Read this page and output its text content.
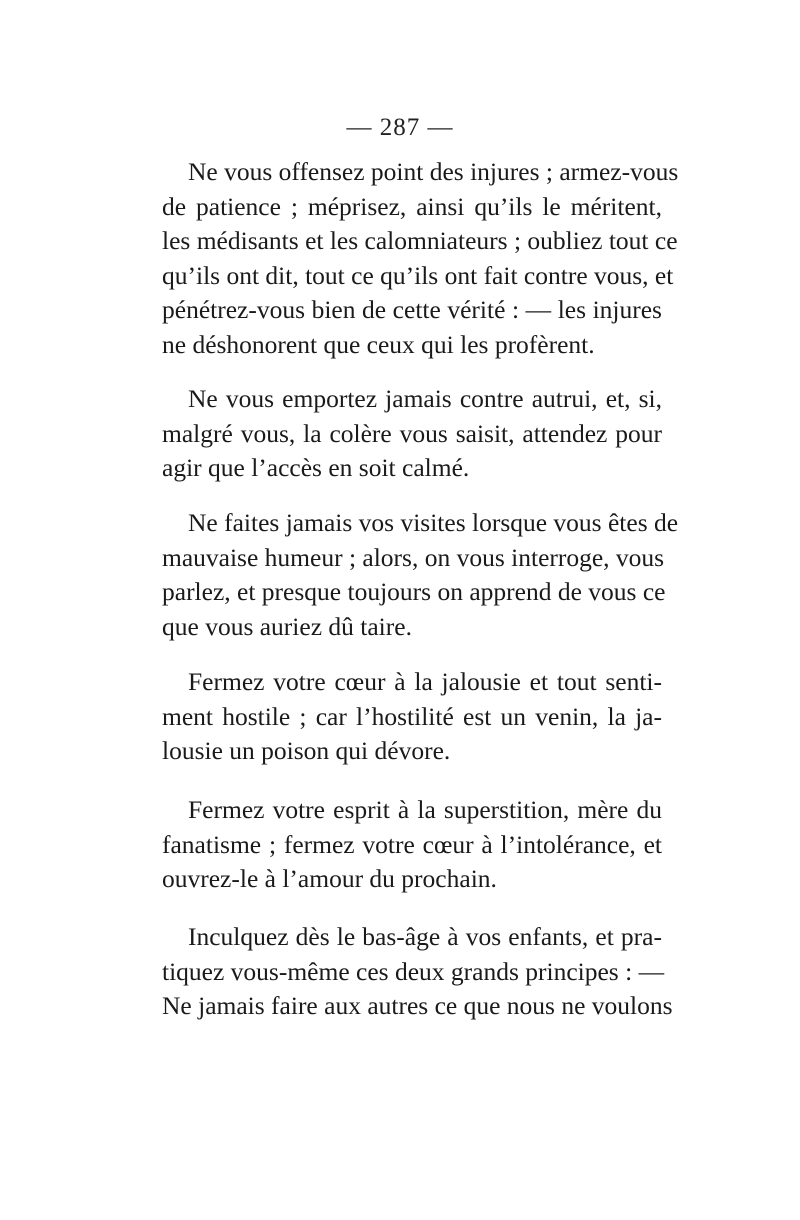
— 287 —
Ne vous offensez point des injures ; armez-vous
de patience ; méprisez, ainsi qu’ils le méritent,
les médisants et les calomniateurs ; oubliez tout ce
qu’ils ont dit, tout ce qu’ils ont fait contre vous, et
pénétrez-vous bien de cette vérité : — les injures
ne déshonorent que ceux qui les profèrent.
Ne vous emportez jamais contre autrui, et, si,
malgré vous, la colère vous saisit, attendez pour
agir que l’accès en soit calmé.
Ne faites jamais vos visites lorsque vous êtes de
mauvaise humeur ; alors, on vous interroge, vous
parlez, et presque toujours on apprend de vous ce
que vous auriez dû taire.
Fermez votre cœur à la jalousie et tout senti-
ment hostile ; car l’hostilité est un venin, la ja-
lousie un poison qui dévore.
Fermez votre esprit à la superstition, mère du
fanatisme ; fermez votre cœur à l’intolérance, et
ouvrez-le à l’amour du prochain.
Inculquez dès le bas-âge à vos enfants, et pra-
tiquez vous-même ces deux grands principes : —
Ne jamais faire aux autres ce que nous ne voulons
